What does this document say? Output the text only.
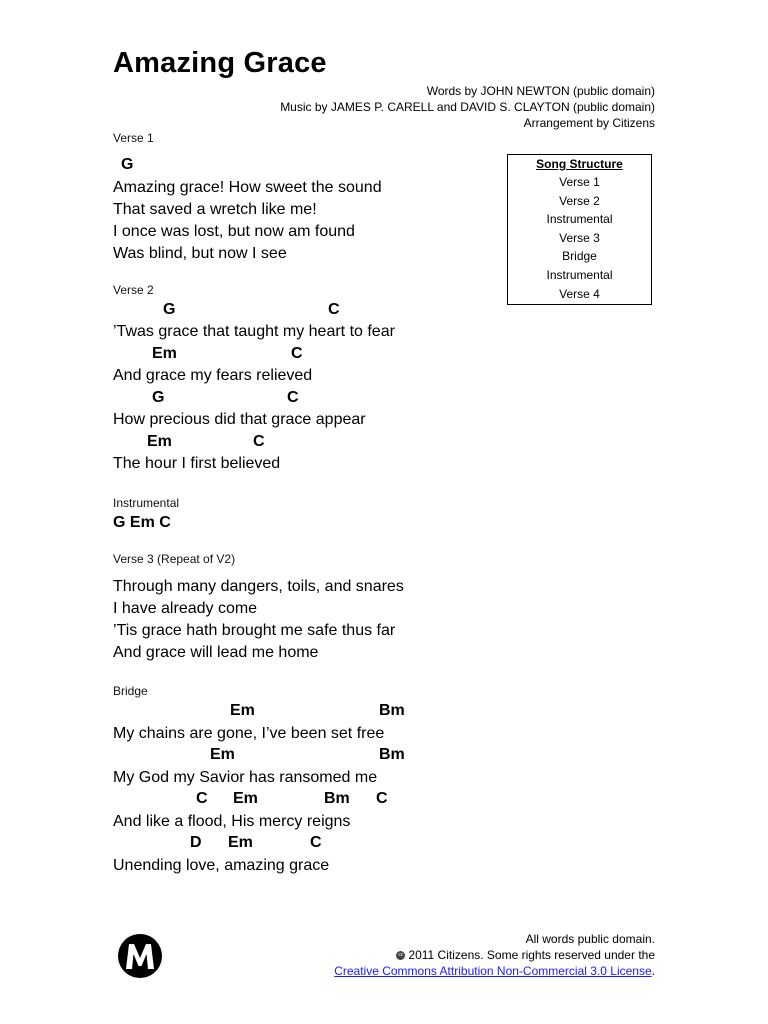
Amazing Grace
Words by JOHN NEWTON (public domain)
Music by JAMES P. CARELL and DAVID S. CLAYTON (public domain)
Arrangement by Citizens
Song Structure
Verse 1
Verse 2
Instrumental
Verse 3
Bridge
Instrumental
Verse 4
Verse 1
G
Amazing grace! How sweet the sound
That saved a wretch like me!
I once was lost, but now am found
Was blind, but now I see
Verse 2
G	C
’Twas grace that taught my heart to fear
Em	C
And grace my fears relieved
G	C
How precious did that grace appear
Em	C
The hour I first believed
Instrumental
G Em C
Verse 3 (Repeat of V2)
Through many dangers, toils, and snares
I have already come
’Tis grace hath brought me safe thus far
And grace will lead me home
Bridge
Em	Bm
My chains are gone, I’ve been set free
Em	Bm
My God my Savior has ransomed me
C Em	Bm C
And like a flood, His mercy reigns
D Em	C
Unending love, amazing grace
All words public domain.
cc 2011 Citizens. Some rights reserved under the
Creative Commons Attribution Non-Commercial 3.0 License.
